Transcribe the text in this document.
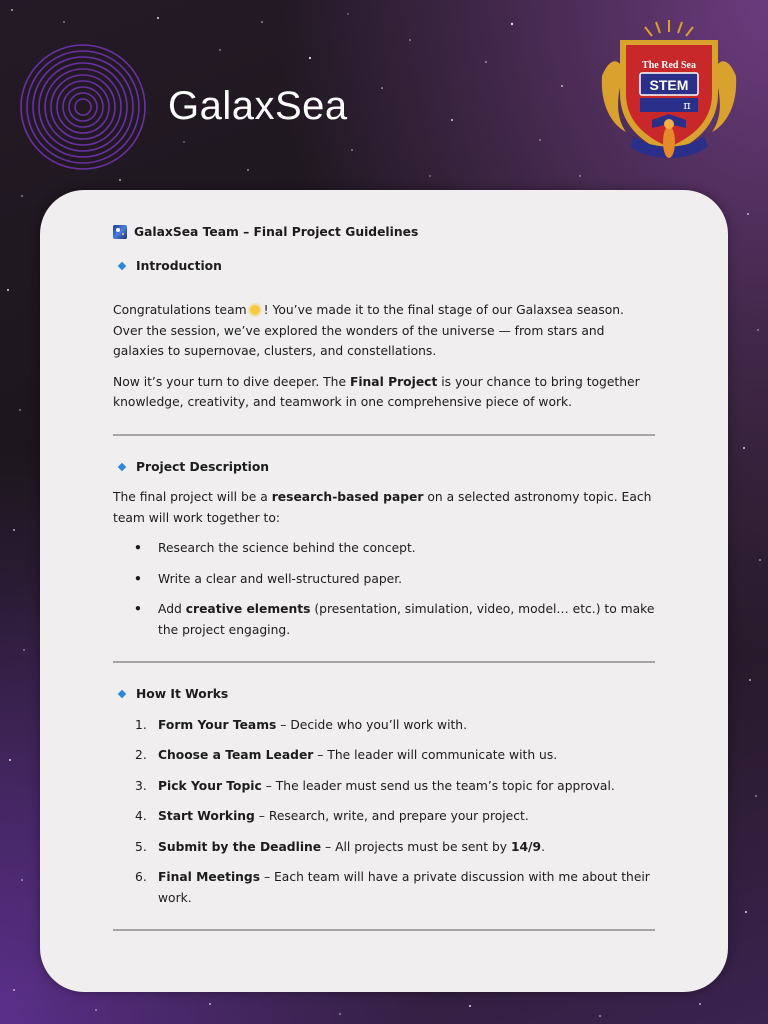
GalaxSea
The Red Sea
STEM
π
GalaxSea Team – Final Project Guidelines
Introduction

Congratulations team ! You’ve made it to the final stage of our Galaxsea season. Over the session, we’ve explored the wonders of the universe — from stars and galaxies to supernovae, clusters, and constellations.

Now it’s your turn to dive deeper. The Final Project is your chance to bring together knowledge, creativity, and teamwork in one comprehensive piece of work.

Project Description

The final project will be a research-based paper on a selected astronomy topic. Each team will work together to:

• Research the science behind the concept.
• Write a clear and well-structured paper.
• Add creative elements (presentation, simulation, video, model… etc.) to make the project engaging.
How It Works
1. Form Your Teams – Decide who you’ll work with.
2. Choose a Team Leader – The leader will communicate with us.
3. Pick Your Topic – The leader must send us the team’s topic for approval.
4. Start Working – Research, write, and prepare your project.
5. Submit by the Deadline – All projects must be sent by 14/9.
6. Final Meetings – Each team will have a private discussion with me about their work.
